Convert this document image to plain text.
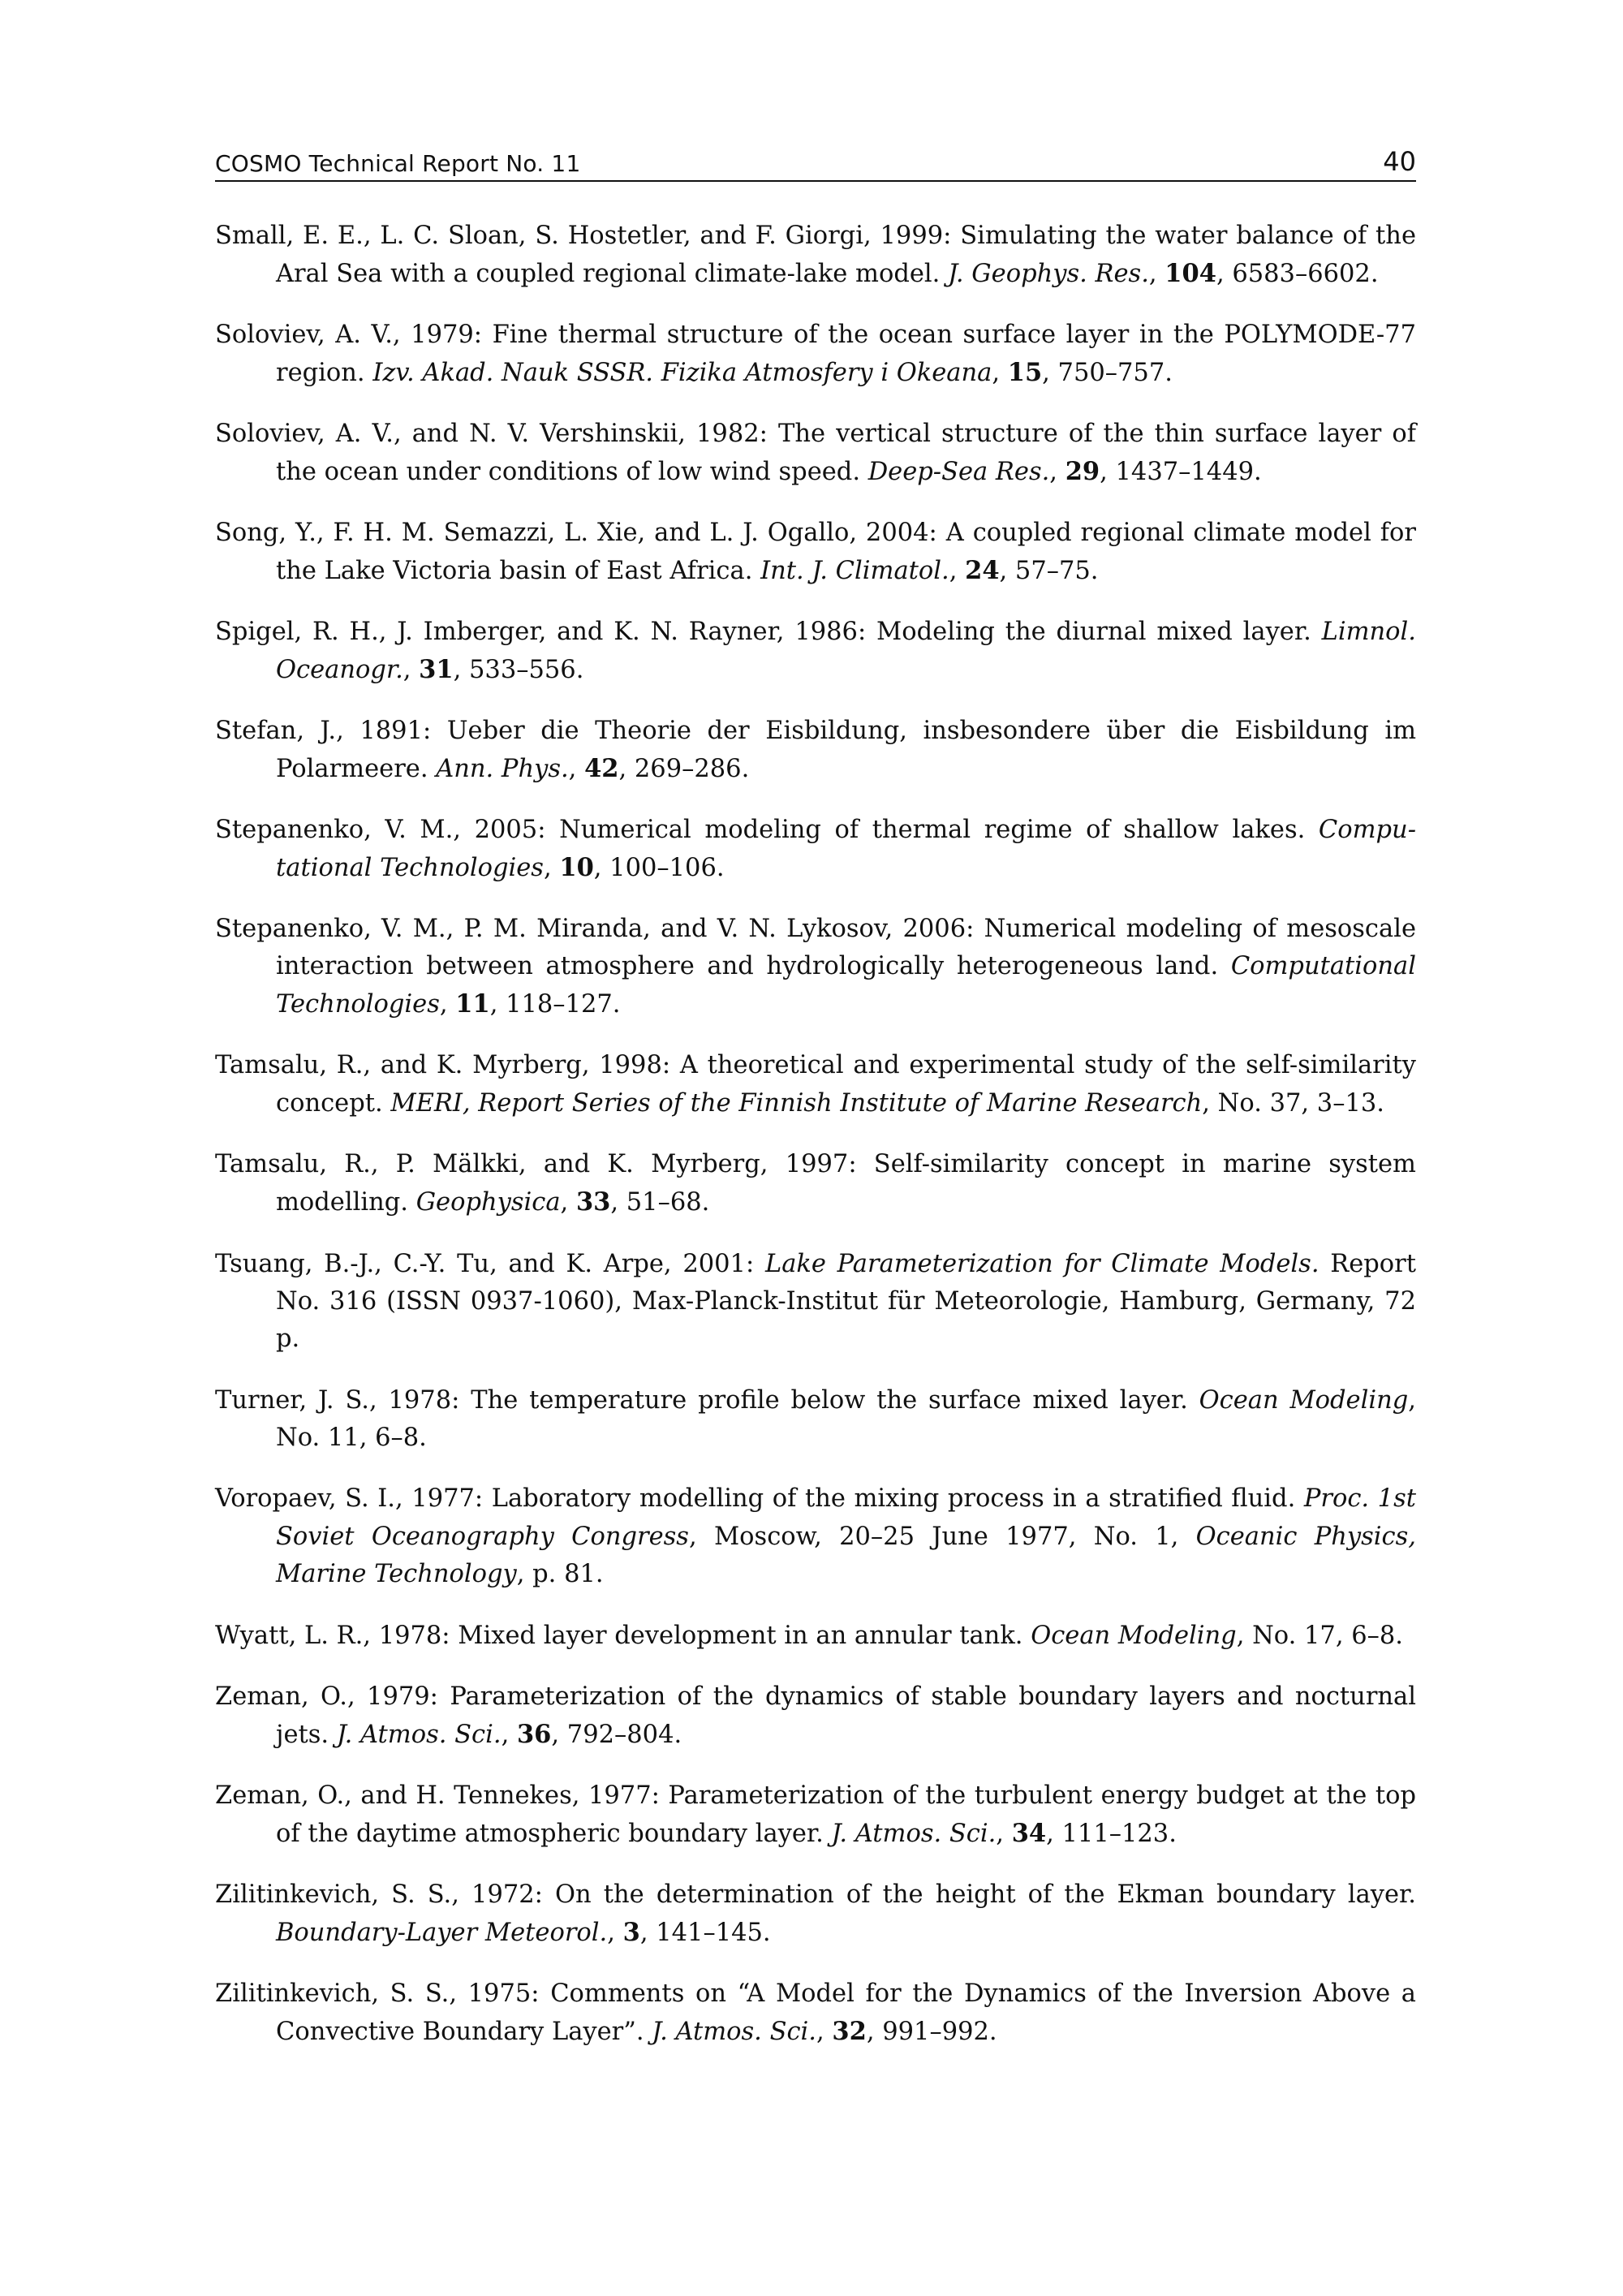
COSMO Technical Report No. 11	40

Small, E. E., L. C. Sloan, S. Hostetler, and F. Giorgi, 1999: Simulating the water balance of the Aral Sea with a coupled regional climate-lake model. J. Geophys. Res., 104, 6583–6602.

Soloviev, A. V., 1979: Fine thermal structure of the ocean surface layer in the POLYMODE-77 region. Izv. Akad. Nauk SSSR. Fizika Atmosfery i Okeana, 15, 750–757.

Soloviev, A. V., and N. V. Vershinskii, 1982: The vertical structure of the thin surface layer of the ocean under conditions of low wind speed. Deep-Sea Res., 29, 1437–1449.

Song, Y., F. H. M. Semazzi, L. Xie, and L. J. Ogallo, 2004: A coupled regional climate model for the Lake Victoria basin of East Africa. Int. J. Climatol., 24, 57–75.

Spigel, R. H., J. Imberger, and K. N. Rayner, 1986: Modeling the diurnal mixed layer. Limnol. Oceanogr., 31, 533–556.

Stefan, J., 1891: Ueber die Theorie der Eisbildung, insbesondere über die Eisbildung im Polarmeere. Ann. Phys., 42, 269–286.

Stepanenko, V. M., 2005: Numerical modeling of thermal regime of shallow lakes. Computational Technologies, 10, 100–106.

Stepanenko, V. M., P. M. Miranda, and V. N. Lykosov, 2006: Numerical modeling of mesoscale interaction between atmosphere and hydrologically heterogeneous land. Computational Technologies, 11, 118–127.

Tamsalu, R., and K. Myrberg, 1998: A theoretical and experimental study of the self-similarity concept. MERI, Report Series of the Finnish Institute of Marine Research, No. 37, 3–13.

Tamsalu, R., P. Mälkki, and K. Myrberg, 1997: Self-similarity concept in marine system modelling. Geophysica, 33, 51–68.

Tsuang, B.-J., C.-Y. Tu, and K. Arpe, 2001: Lake Parameterization for Climate Models. Report No. 316 (ISSN 0937-1060), Max-Planck-Institut für Meteorologie, Hamburg, Germany, 72 p.

Turner, J. S., 1978: The temperature profile below the surface mixed layer. Ocean Modeling, No. 11, 6–8.

Voropaev, S. I., 1977: Laboratory modelling of the mixing process in a stratified fluid. Proc. 1st Soviet Oceanography Congress, Moscow, 20–25 June 1977, No. 1, Oceanic Physics, Marine Technology, p. 81.

Wyatt, L. R., 1978: Mixed layer development in an annular tank. Ocean Modeling, No. 17, 6–8.

Zeman, O., 1979: Parameterization of the dynamics of stable boundary layers and nocturnal jets. J. Atmos. Sci., 36, 792–804.

Zeman, O., and H. Tennekes, 1977: Parameterization of the turbulent energy budget at the top of the daytime atmospheric boundary layer. J. Atmos. Sci., 34, 111–123.

Zilitinkevich, S. S., 1972: On the determination of the height of the Ekman boundary layer. Boundary-Layer Meteorol., 3, 141–145.

Zilitinkevich, S. S., 1975: Comments on “A Model for the Dynamics of the Inversion Above a Convective Boundary Layer”. J. Atmos. Sci., 32, 991–992.
